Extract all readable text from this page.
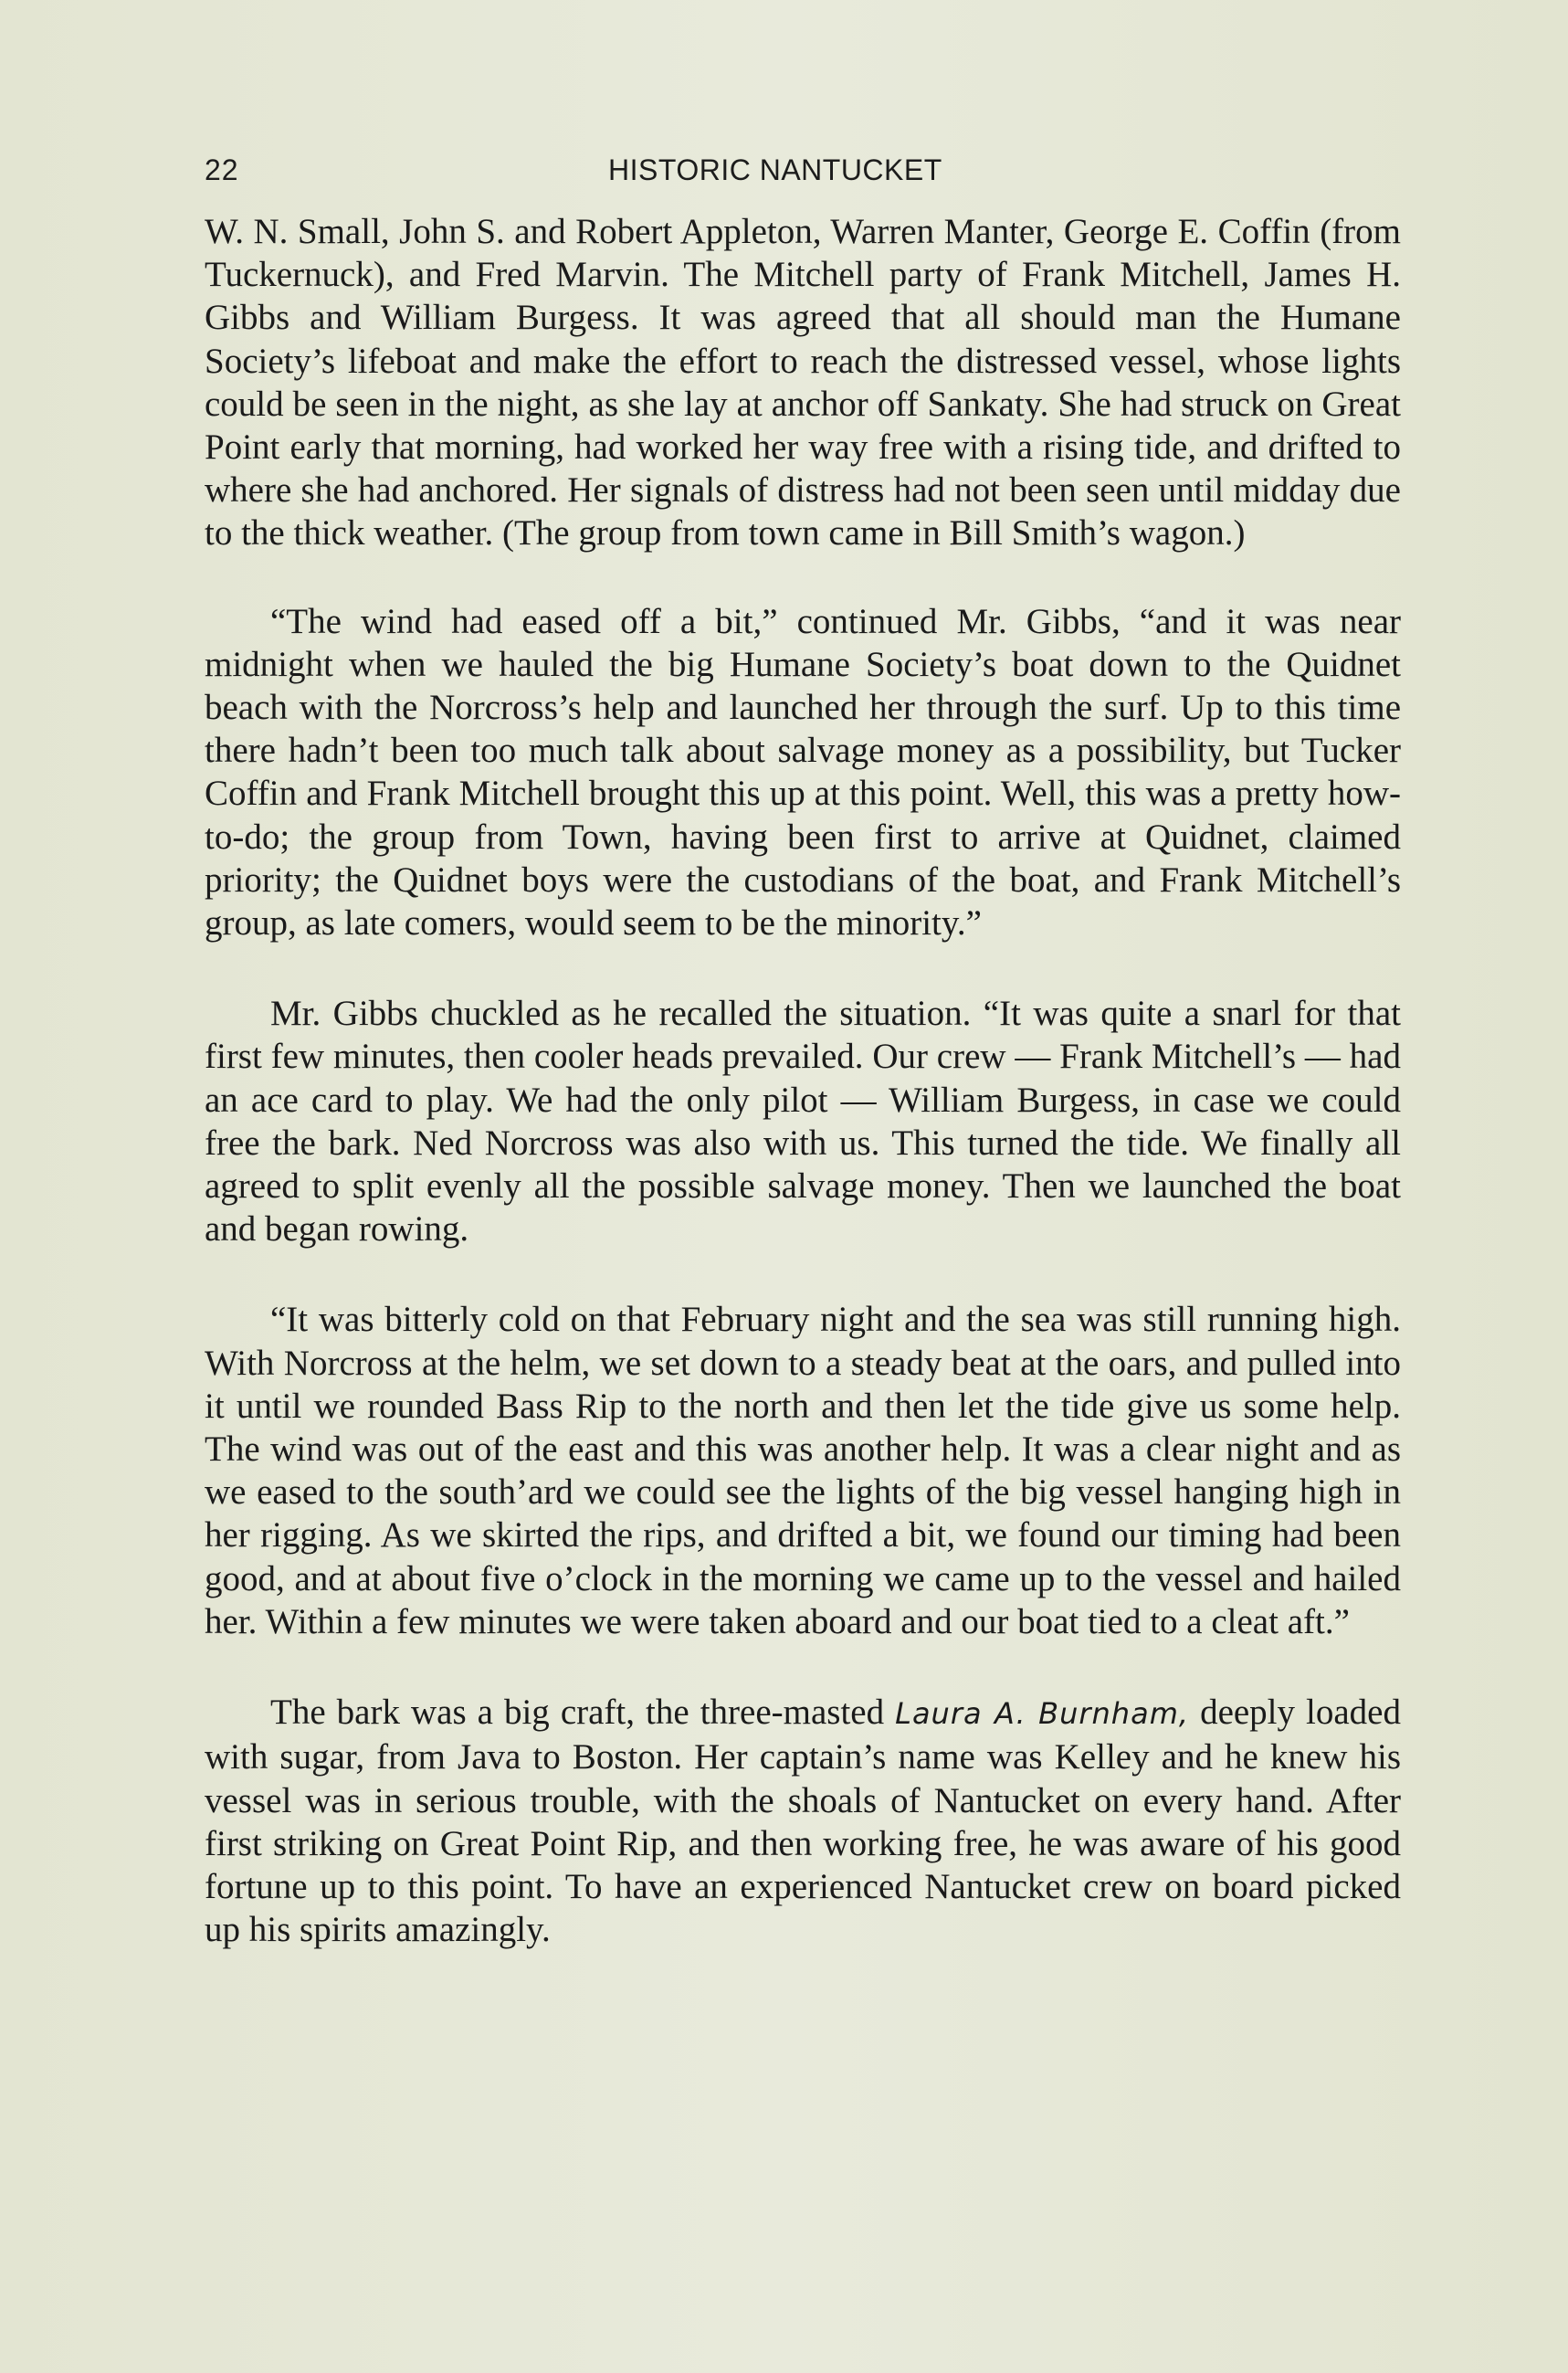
22	HISTORIC NANTUCKET

W. N. Small, John S. and Robert Appleton, Warren Manter, George E. Coffin (from Tuckernuck), and Fred Marvin. The Mitchell party of Frank Mitchell, James H. Gibbs and William Burgess. It was agreed that all should man the Humane Society’s lifeboat and make the effort to reach the distressed vessel, whose lights could be seen in the night, as she lay at anchor off Sankaty. She had struck on Great Point early that morning, had worked her way free with a rising tide, and drifted to where she had anchored. Her signals of distress had not been seen until midday due to the thick weather. (The group from town came in Bill Smith’s wagon.)

“The wind had eased off a bit,” continued Mr. Gibbs, “and it was near midnight when we hauled the big Humane Society’s boat down to the Quidnet beach with the Norcross’s help and launched her through the surf. Up to this time there hadn’t been too much talk about salvage money as a possibility, but Tucker Coffin and Frank Mitchell brought this up at this point. Well, this was a pretty how-to-do; the group from Town, having been first to arrive at Quidnet, claimed priority; the Quidnet boys were the custodians of the boat, and Frank Mitchell’s group, as late comers, would seem to be the minority.”

Mr. Gibbs chuckled as he recalled the situation. “It was quite a snarl for that first few minutes, then cooler heads prevailed. Our crew — Frank Mitchell’s — had an ace card to play. We had the only pilot — William Burgess, in case we could free the bark. Ned Norcross was also with us. This turned the tide. We finally all agreed to split evenly all the possible salvage money. Then we launched the boat and began rowing.

“It was bitterly cold on that February night and the sea was still running high. With Norcross at the helm, we set down to a steady beat at the oars, and pulled into it until we rounded Bass Rip to the north and then let the tide give us some help. The wind was out of the east and this was another help. It was a clear night and as we eased to the south’ard we could see the lights of the big vessel hanging high in her rigging. As we skirted the rips, and drifted a bit, we found our timing had been good, and at about five o’clock in the morning we came up to the vessel and hailed her. Within a few minutes we were taken aboard and our boat tied to a cleat aft.”

The bark was a big craft, the three-masted Laura A. Burnham, deeply loaded with sugar, from Java to Boston. Her captain’s name was Kelley and he knew his vessel was in serious trouble, with the shoals of Nantucket on every hand. After first striking on Great Point Rip, and then working free, he was aware of his good fortune up to this point. To have an experienced Nantucket crew on board picked up his spirits amazingly.
